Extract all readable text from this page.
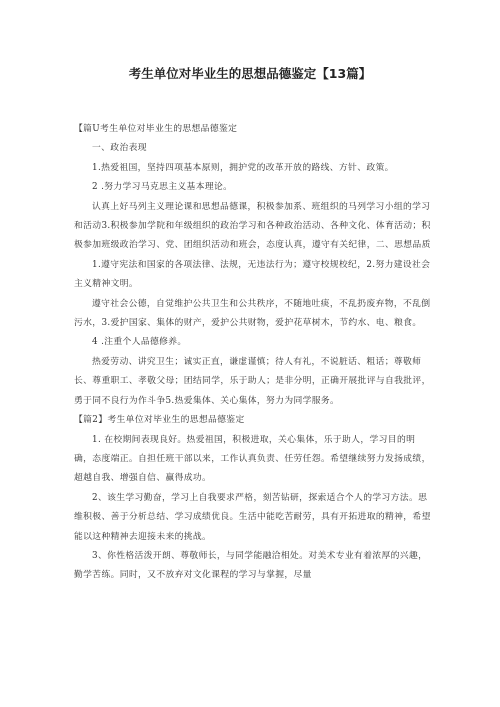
考生单位对毕业生的思想品德鉴定【13篇】

【篇U考生单位对毕业生的思想品德鉴定

一、政治表现

1.热爱祖国，坚持四项基本原则，拥护党的改革开放的路线、方针、政策。

2 .努力学习马克思主义基本理论。

认真上好马列主义理论课和思想品德课，积极参加系、班组织的马列学习小组的学习和活动3.积极参加学院和年级组织的政治学习和各种政治活动、各种文化、体育活动；积极参加班级政治学习、党、团组织活动和班会，态度认真，遵守有关纪律，二、思想品质

1.遵守宪法和国家的各项法律、法规，无违法行为；遵守校规校纪，2.努力建设社会主义精神文明。

遵守社会公德，自觉维护公共卫生和公共秩序，不随地吐痰，不乱扔废弃物，不乱倒污水，3.爱护国家、集体的财产，爱护公共财物，爱护花草树木，节约水、电、粮食。

4 .注重个人品德修养。

热爱劳动、讲究卫生；诚实正直，谦虚谨慎；待人有礼，不说脏话、粗话；尊敬师长、尊重职工、孝敬父母；团结同学，乐于助人；是非分明，正确开展批评与自我批评，勇于同不良行为作斗争5.热爱集体、关心集体，努力为同学服务。

【篇2】考生单位对毕业生的思想品德鉴定

1. 在校期间表现良好。热爱祖国，积极进取，关心集体，乐于助人，学习目的明确，态度端正。自担任班干部以来，工作认真负责、任劳任怨。希望继续努力发扬成绩，超越自我、增强自信、赢得成功。

2、该生学习勤奋，学习上自我要求严格，刻苦钻研，探索适合个人的学习方法。思维积极、善于分析总结、学习成绩优良。生活中能吃苦耐劳，具有开拓进取的精神，希望能以这种精神去迎接未来的挑战。

3、你性格活泼开朗、尊敬师长，与同学能融洽相处。对美术专业有着浓厚的兴趣，勤学苦练。同时，又不放弃对文化课程的学习与掌握，尽量
